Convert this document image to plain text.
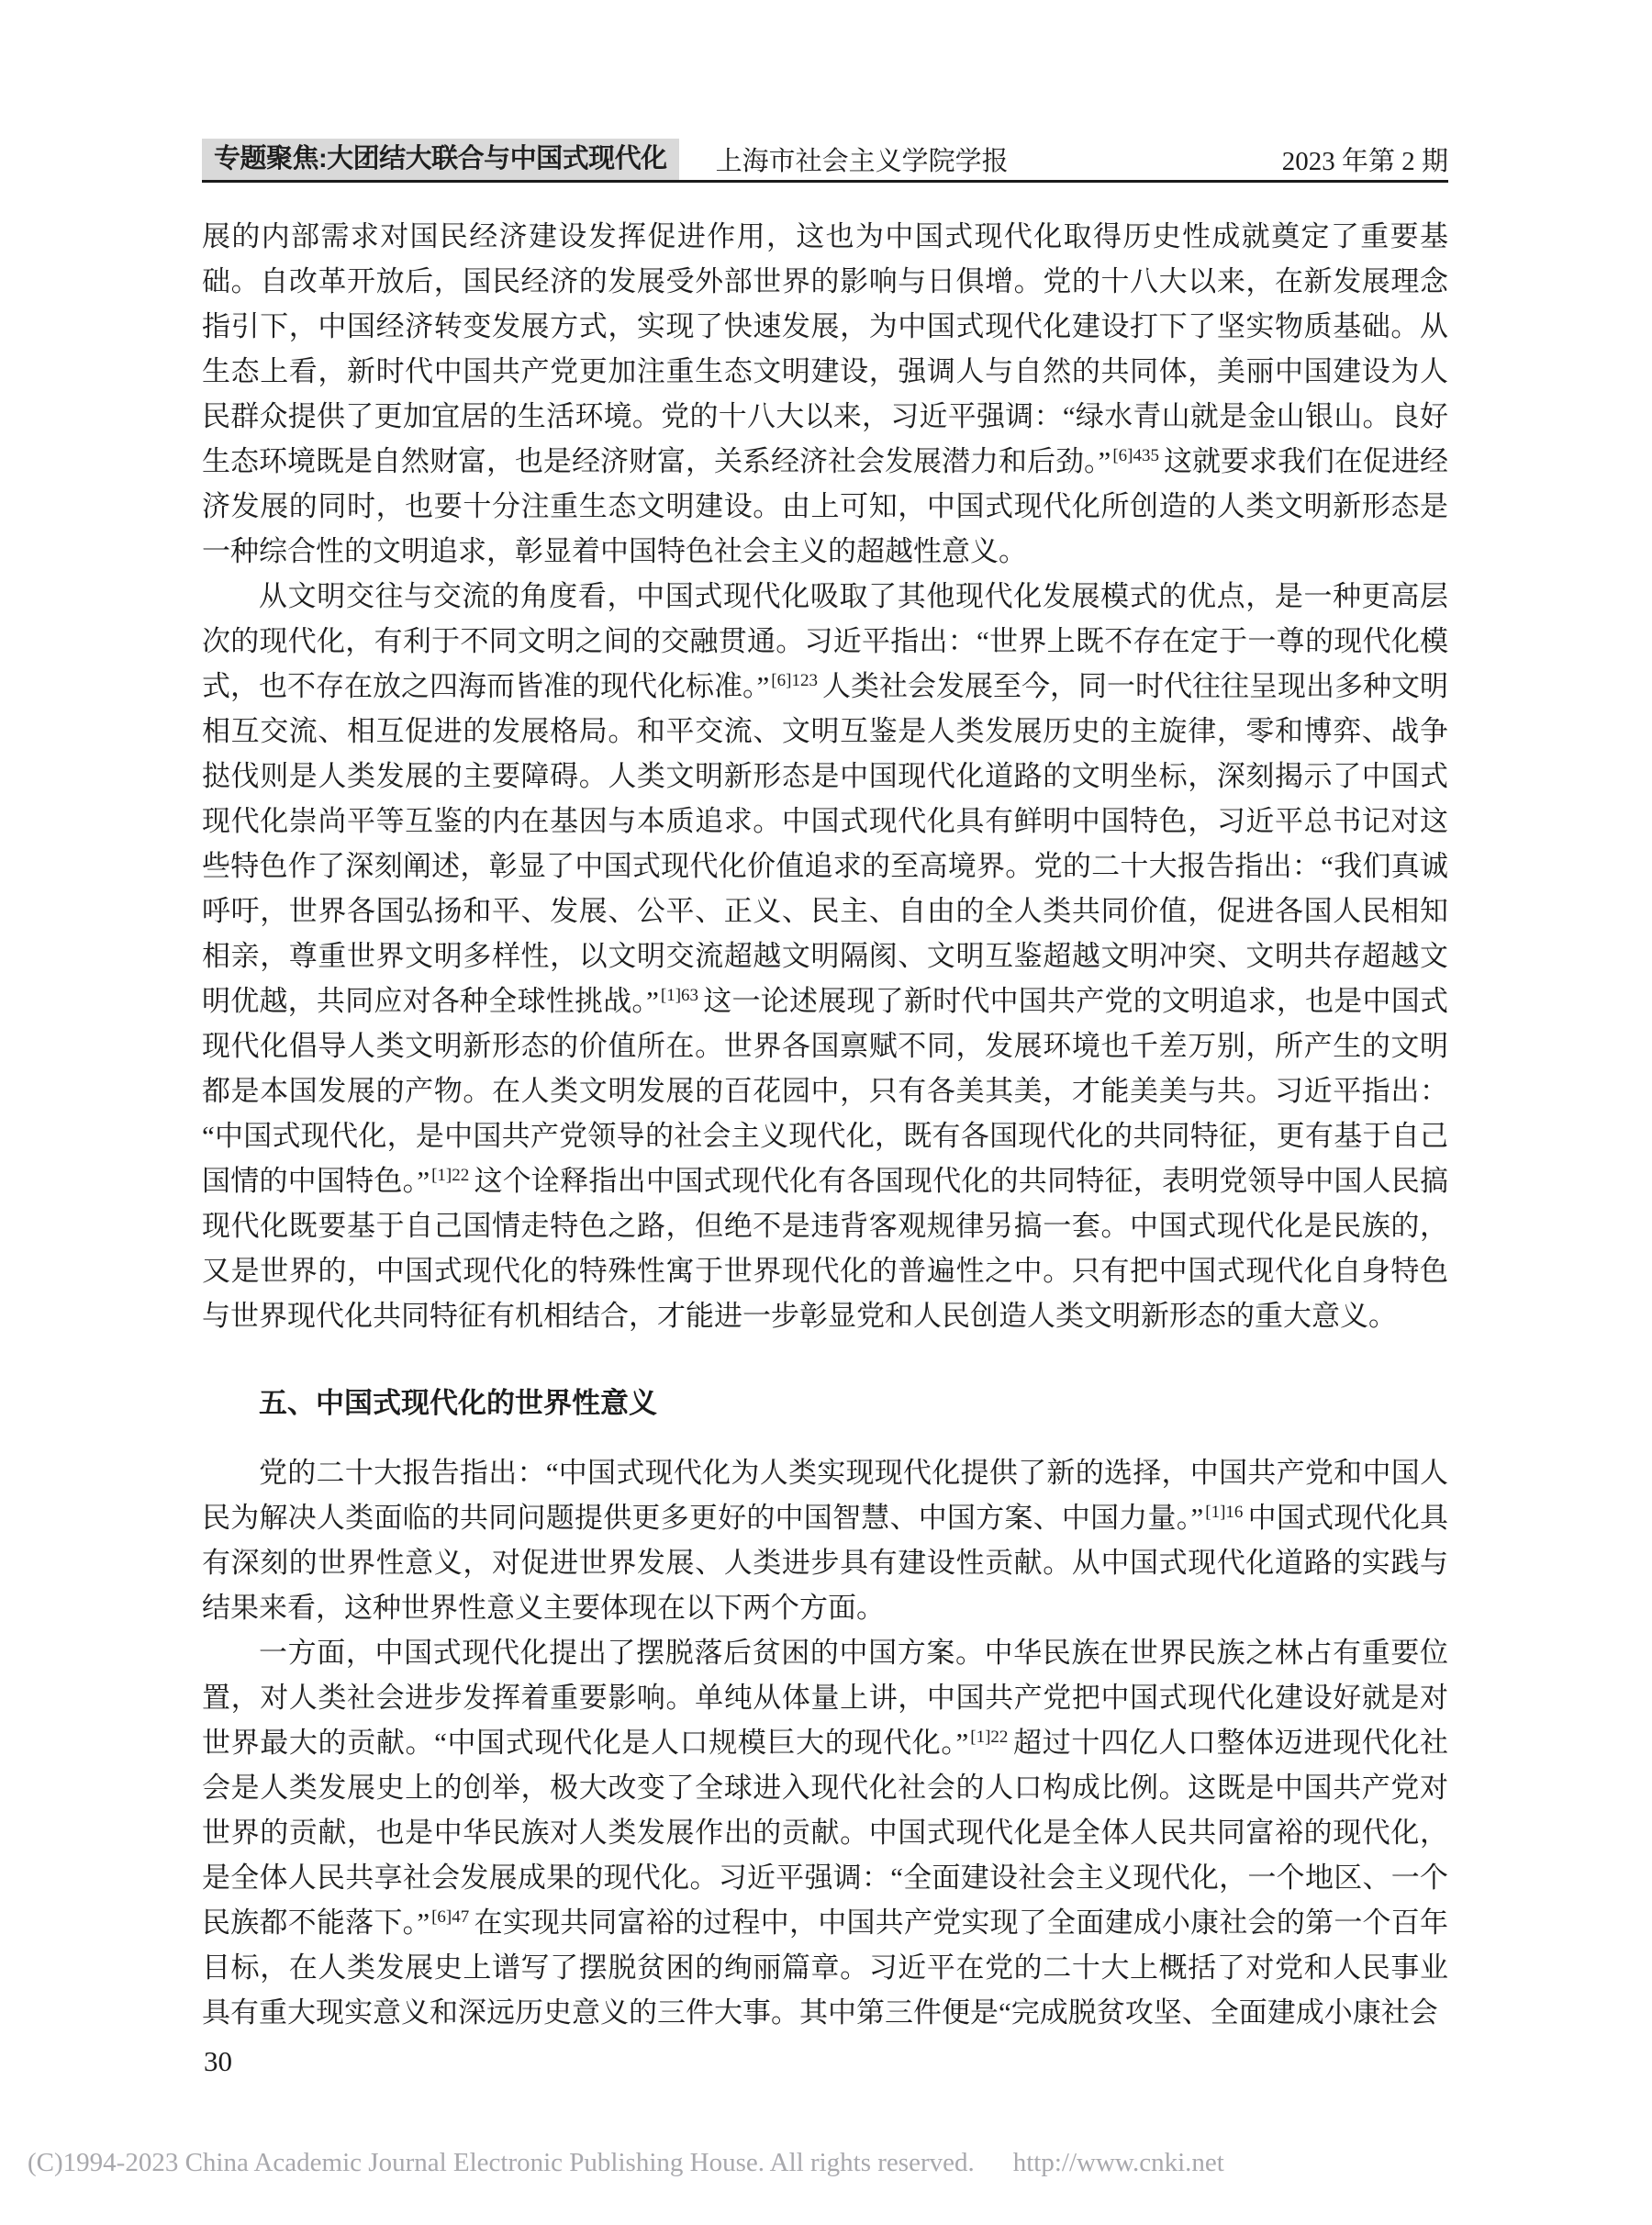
专题聚焦:大团结大联合与中国式现代化	上海市社会主义学院学报	2023 年第 2 期

展的内部需求对国民经济建设发挥促进作用，这也为中国式现代化取得历史性成就奠定了重要基础。自改革开放后，国民经济的发展受外部世界的影响与日俱增。党的十八大以来，在新发展理念指引下，中国经济转变发展方式，实现了快速发展，为中国式现代化建设打下了坚实物质基础。从生态上看，新时代中国共产党更加注重生态文明建设，强调人与自然的共同体，美丽中国建设为人民群众提供了更加宜居的生活环境。党的十八大以来，习近平强调：“绿水青山就是金山银山。良好生态环境既是自然财富，也是经济财富，关系经济社会发展潜力和后劲。” $^{[6]435}$ 这就要求我们在促进经济发展的同时，也要十分注重生态文明建设。由上可知，中国式现代化所创造的人类文明新形态是一种综合性的文明追求，彰显着中国特色社会主义的超越性意义。

从文明交往与交流的角度看，中国式现代化吸取了其他现代化发展模式的优点，是一种更高层次的现代化，有利于不同文明之间的交融贯通。习近平指出：“世界上既不存在定于一尊的现代化模式，也不存在放之四海而皆准的现代化标准。” $^{[6]123}$ 人类社会发展至今，同一时代往往呈现出多种文明相互交流、相互促进的发展格局。和平交流、文明互鉴是人类发展历史的主旋律，零和博弈、战争挞伐则是人类发展的主要障碍。人类文明新形态是中国现代化道路的文明坐标，深刻揭示了中国式现代化崇尚平等互鉴的内在基因与本质追求。中国式现代化具有鲜明中国特色，习近平总书记对这些特色作了深刻阐述，彰显了中国式现代化价值追求的至高境界。党的二十大报告指出：“我们真诚呼吁，世界各国弘扬和平、发展、公平、正义、民主、自由的全人类共同价值，促进各国人民相知相亲，尊重世界文明多样性，以文明交流超越文明隔阂、文明互鉴超越文明冲突、文明共存超越文明优越，共同应对各种全球性挑战。” $^{[1]63}$ 这一论述展现了新时代中国共产党的文明追求，也是中国式现代化倡导人类文明新形态的价值所在。世界各国禀赋不同，发展环境也千差万别，所产生的文明都是本国发展的产物。在人类文明发展的百花园中，只有各美其美，才能美美与共。习近平指出：“中国式现代化，是中国共产党领导的社会主义现代化，既有各国现代化的共同特征，更有基于自己国情的中国特色。” $^{[1]22}$ 这个诠释指出中国式现代化有各国现代化的共同特征，表明党领导中国人民搞现代化既要基于自己国情走特色之路，但绝不是违背客观规律另搞一套。中国式现代化是民族的，又是世界的，中国式现代化的特殊性寓于世界现代化的普遍性之中。只有把中国式现代化自身特色与世界现代化共同特征有机相结合，才能进一步彰显党和人民创造人类文明新形态的重大意义。

五、中国式现代化的世界性意义

党的二十大报告指出：“中国式现代化为人类实现现代化提供了新的选择，中国共产党和中国人民为解决人类面临的共同问题提供更多更好的中国智慧、中国方案、中国力量。” $^{[1]16}$ 中国式现代化具有深刻的世界性意义，对促进世界发展、人类进步具有建设性贡献。从中国式现代化道路的实践与结果来看，这种世界性意义主要体现在以下两个方面。

一方面，中国式现代化提出了摆脱落后贫困的中国方案。中华民族在世界民族之林占有重要位置，对人类社会进步发挥着重要影响。单纯从体量上讲，中国共产党把中国式现代化建设好就是对世界最大的贡献。“中国式现代化是人口规模巨大的现代化。” $^{[1]22}$ 超过十四亿人口整体迈进现代化社会是人类发展史上的创举，极大改变了全球进入现代化社会的人口构成比例。这既是中国共产党对世界的贡献，也是中华民族对人类发展作出的贡献。中国式现代化是全体人民共同富裕的现代化，是全体人民共享社会发展成果的现代化。习近平强调：“全面建设社会主义现代化，一个地区、一个民族都不能落下。” $^{[6]47}$ 在实现共同富裕的过程中，中国共产党实现了全面建成小康社会的第一个百年目标，在人类发展史上谱写了摆脱贫困的绚丽篇章。习近平在党的二十大上概括了对党和人民事业具有重大现实意义和深远历史意义的三件大事。其中第三件便是“完成脱贫攻坚、全面建成小康社会

30
(C)1994-2023 China Academic Journal Electronic Publishing House. All rights reserved. http://www.cnki.net
